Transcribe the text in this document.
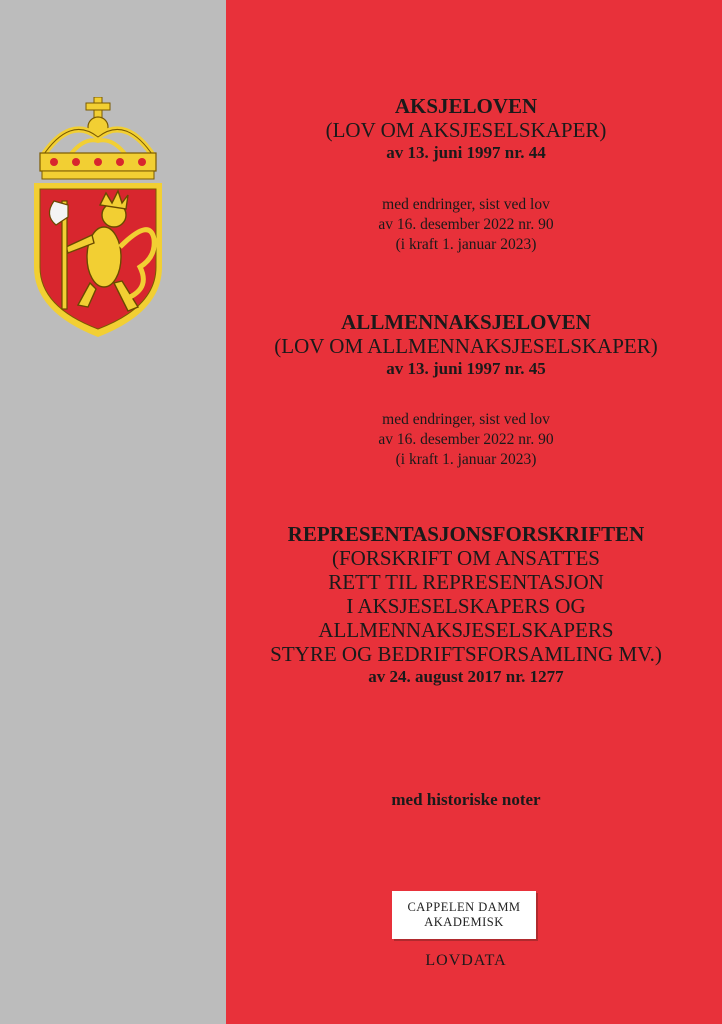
AKSJELOVEN
(LOV OM AKSJESELSKAPER)
av 13. juni 1997 nr. 44
med endringer, sist ved lov
av 16. desember 2022 nr. 90
(i kraft 1. januar 2023)
ALLMENNAKSJELOVEN
(LOV OM ALLMENNAKSJESELSKAPER)
av 13. juni 1997 nr. 45
med endringer, sist ved lov
av 16. desember 2022 nr. 90
(i kraft 1. januar 2023)
REPRESENTASJONSFORSKRIFTEN
(FORSKRIFT OM ANSATTES
RETT TIL REPRESENTASJON
I AKSJESELSKAPERS OG
ALLMENNAKSJESELSKAPERS
STYRE OG BEDRIFTSFORSAMLING MV.)
av 24. august 2017 nr. 1277
med historiske noter
CAPPELEN DAMM
AKADEMISK
LOVDATA
